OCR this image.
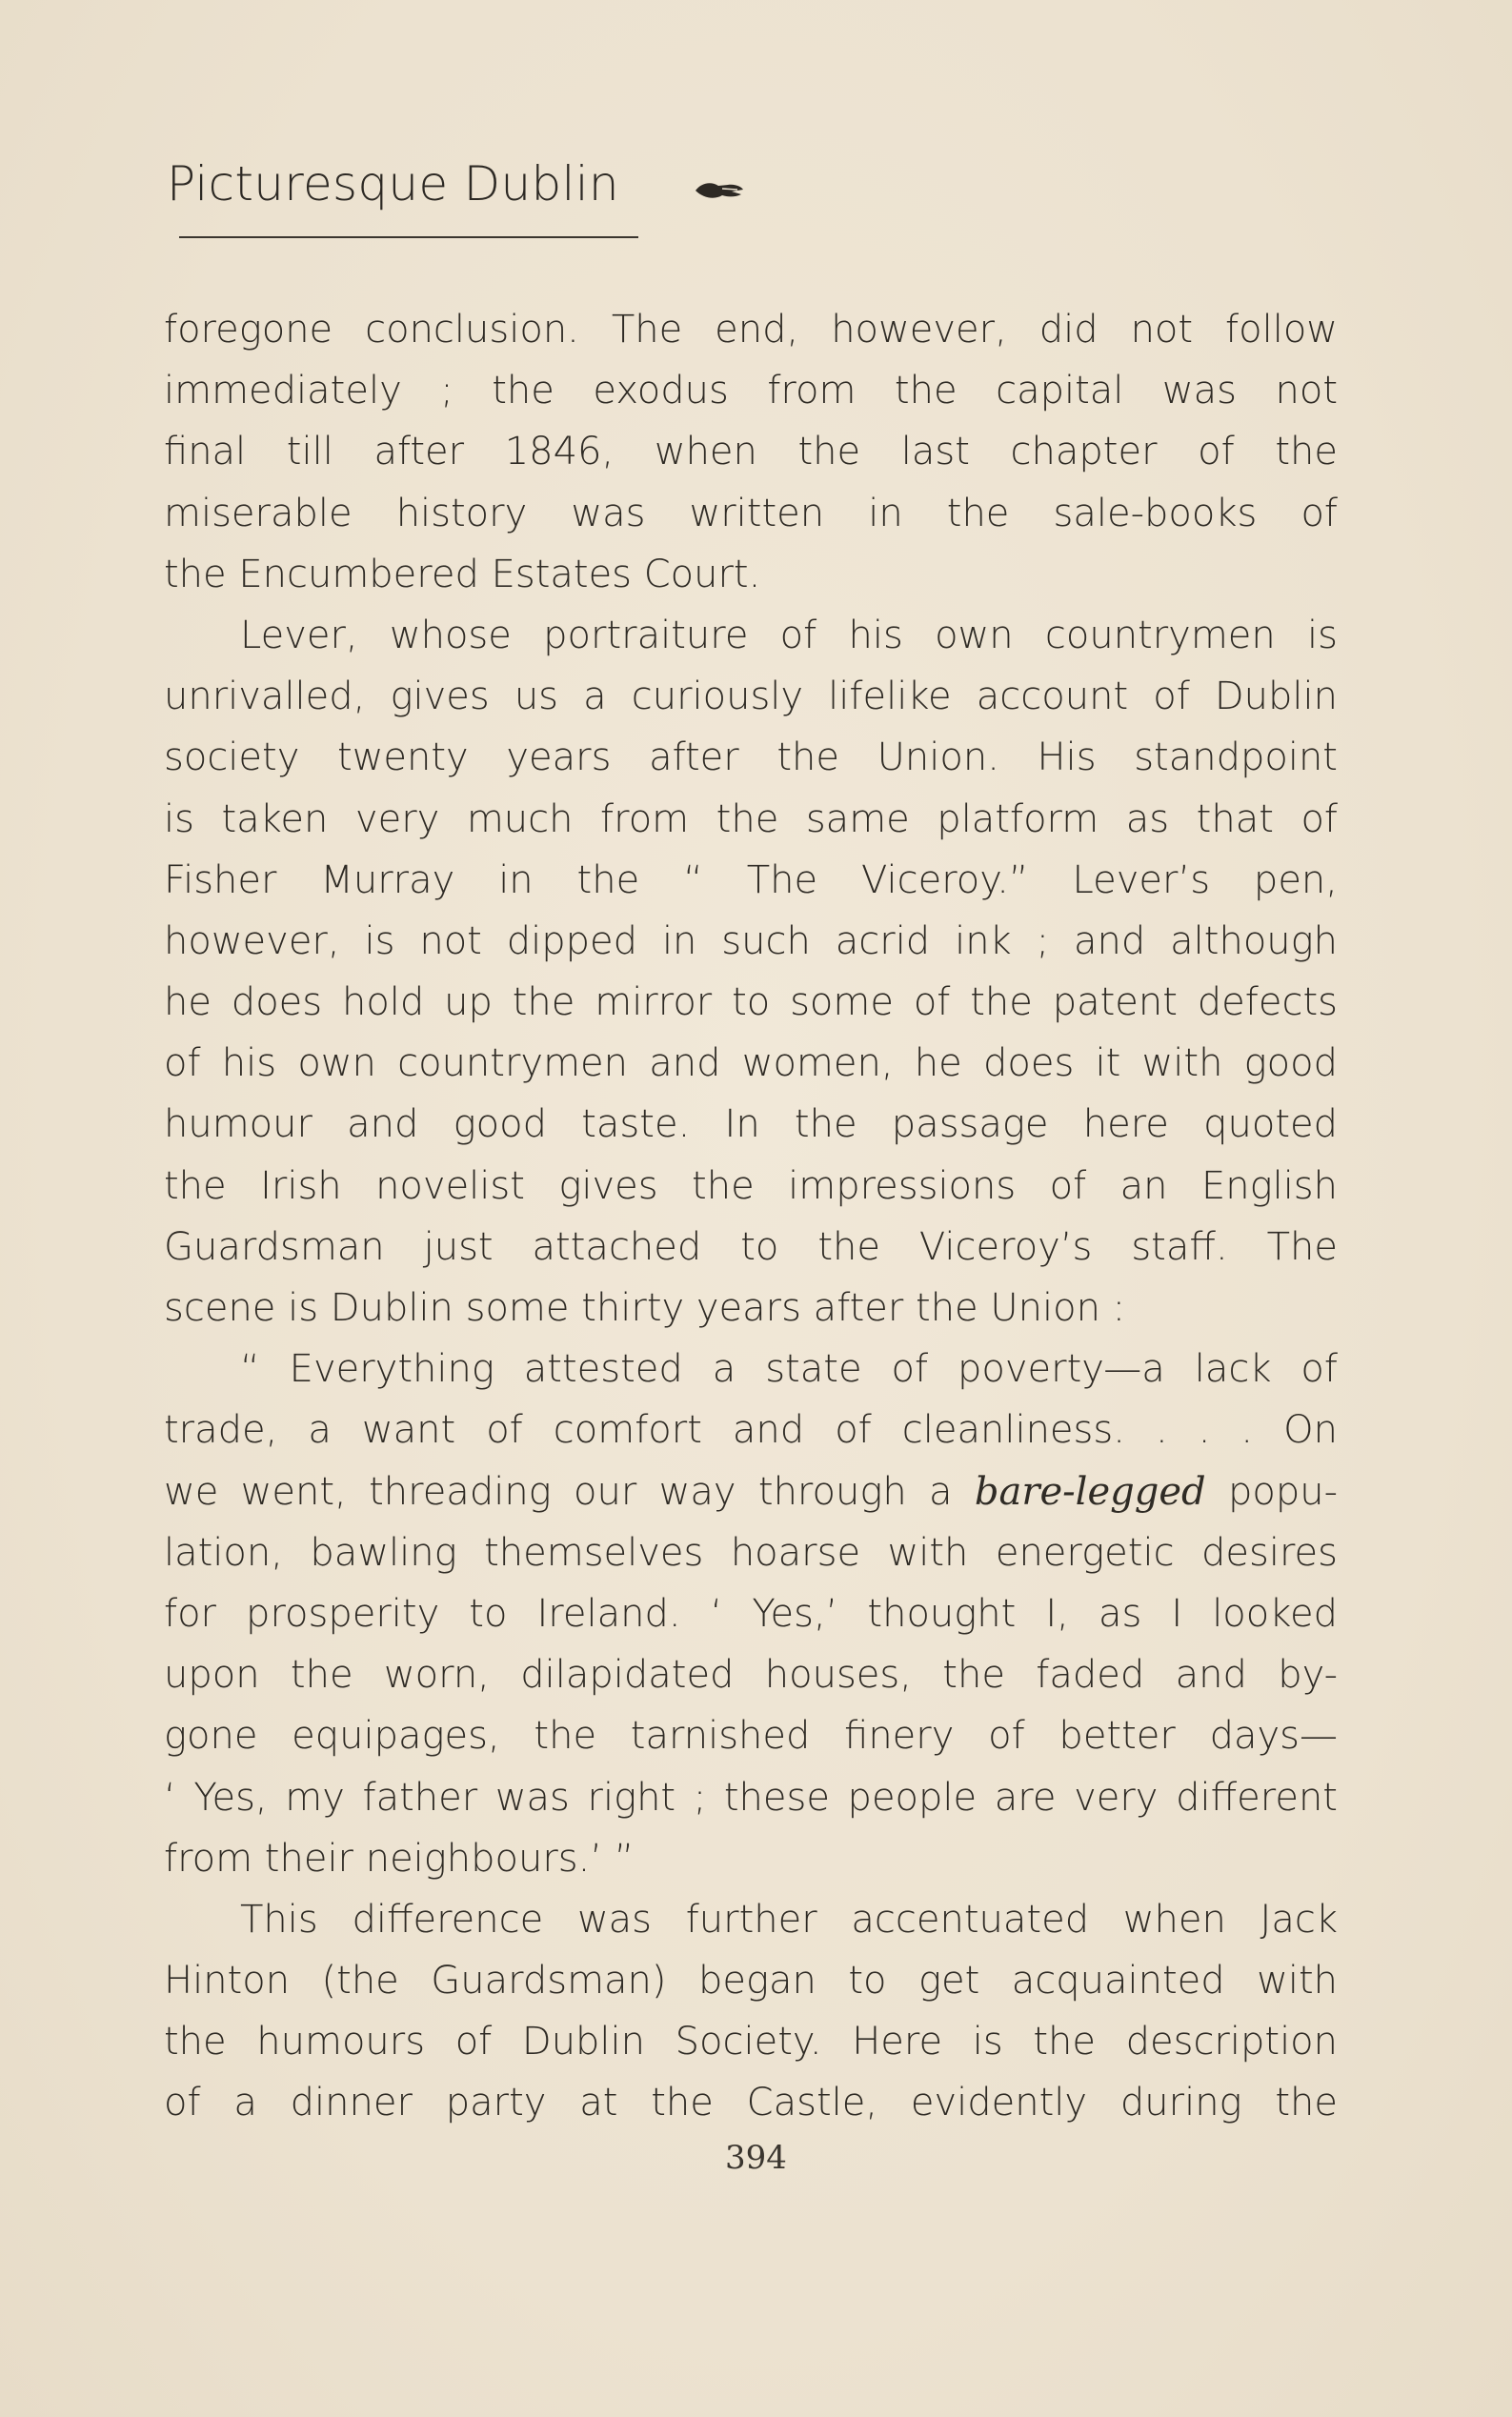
Picturesque Dublin
foregone conclusion. The end, however, did not follow
immediately ; the exodus from the capital was not
final till after 1846, when the last chapter of the
miserable history was written in the sale-books of
the Encumbered Estates Court.
Lever, whose portraiture of his own countrymen is
unrivalled, gives us a curiously lifelike account of Dublin
society twenty years after the Union. His standpoint
is taken very much from the same platform as that of
Fisher Murray in the “ The Viceroy.” Lever’s pen,
however, is not dipped in such acrid ink ; and although
he does hold up the mirror to some of the patent defects
of his own countrymen and women, he does it with good
humour and good taste. In the passage here quoted
the Irish novelist gives the impressions of an English
Guardsman just attached to the Viceroy’s staff. The
scene is Dublin some thirty years after the Union :
“ Everything attested a state of poverty—a lack of
trade, a want of comfort and of cleanliness. . . . On
we went, threading our way through a bare-legged popu-
lation, bawling themselves hoarse with energetic desires
for prosperity to Ireland. ‘ Yes,’ thought I, as I looked
upon the worn, dilapidated houses, the faded and by-
gone equipages, the tarnished finery of better days—
‘ Yes, my father was right ; these people are very different
from their neighbours.’ ”
This difference was further accentuated when Jack
Hinton (the Guardsman) began to get acquainted with
the humours of Dublin Society. Here is the description
of a dinner party at the Castle, evidently during the
394
